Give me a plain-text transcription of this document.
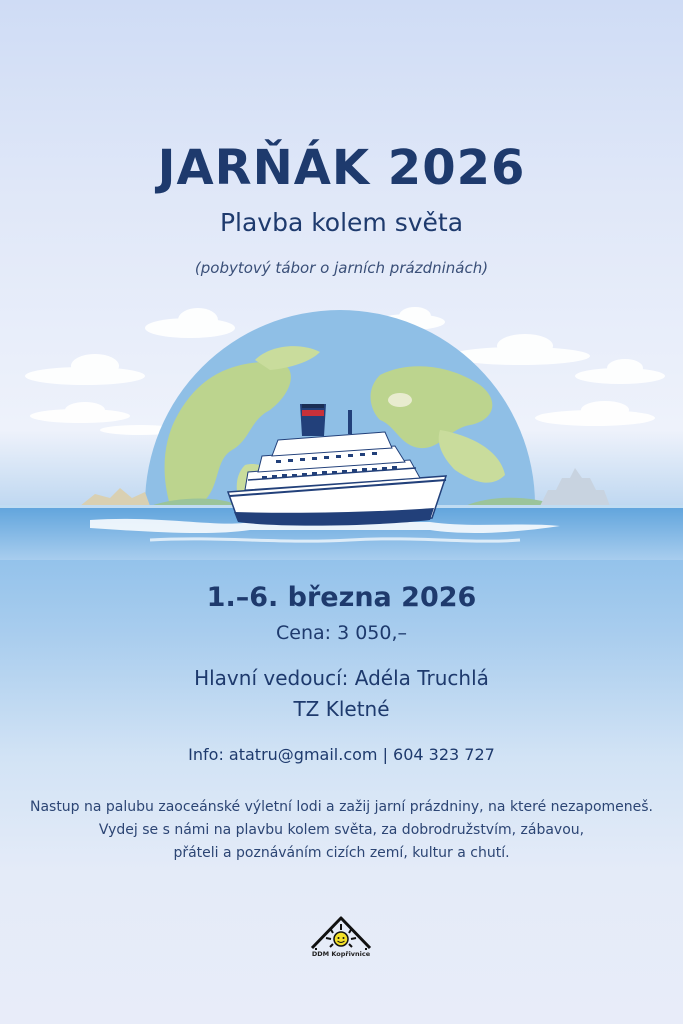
JARŇÁK 2026
Plavba kolem světa
(pobytový tábor o jarních prázdninách)
1.–6. března 2026
Cena: 3 050,–
Hlavní vedoucí: Adéla Truchlá
TZ Kletné
Info: atatru@gmail.com | 604 323 727
Nastup na palubu zaoceánské výletní lodi a zažij jarní prázdniny, na které nezapomeneš.
Vydej se s námi na plavbu kolem světa, za dobrodružstvím, zábavou,
přáteli a poznáváním cizích zemí, kultur a chutí.
DDM Kopřivnice
